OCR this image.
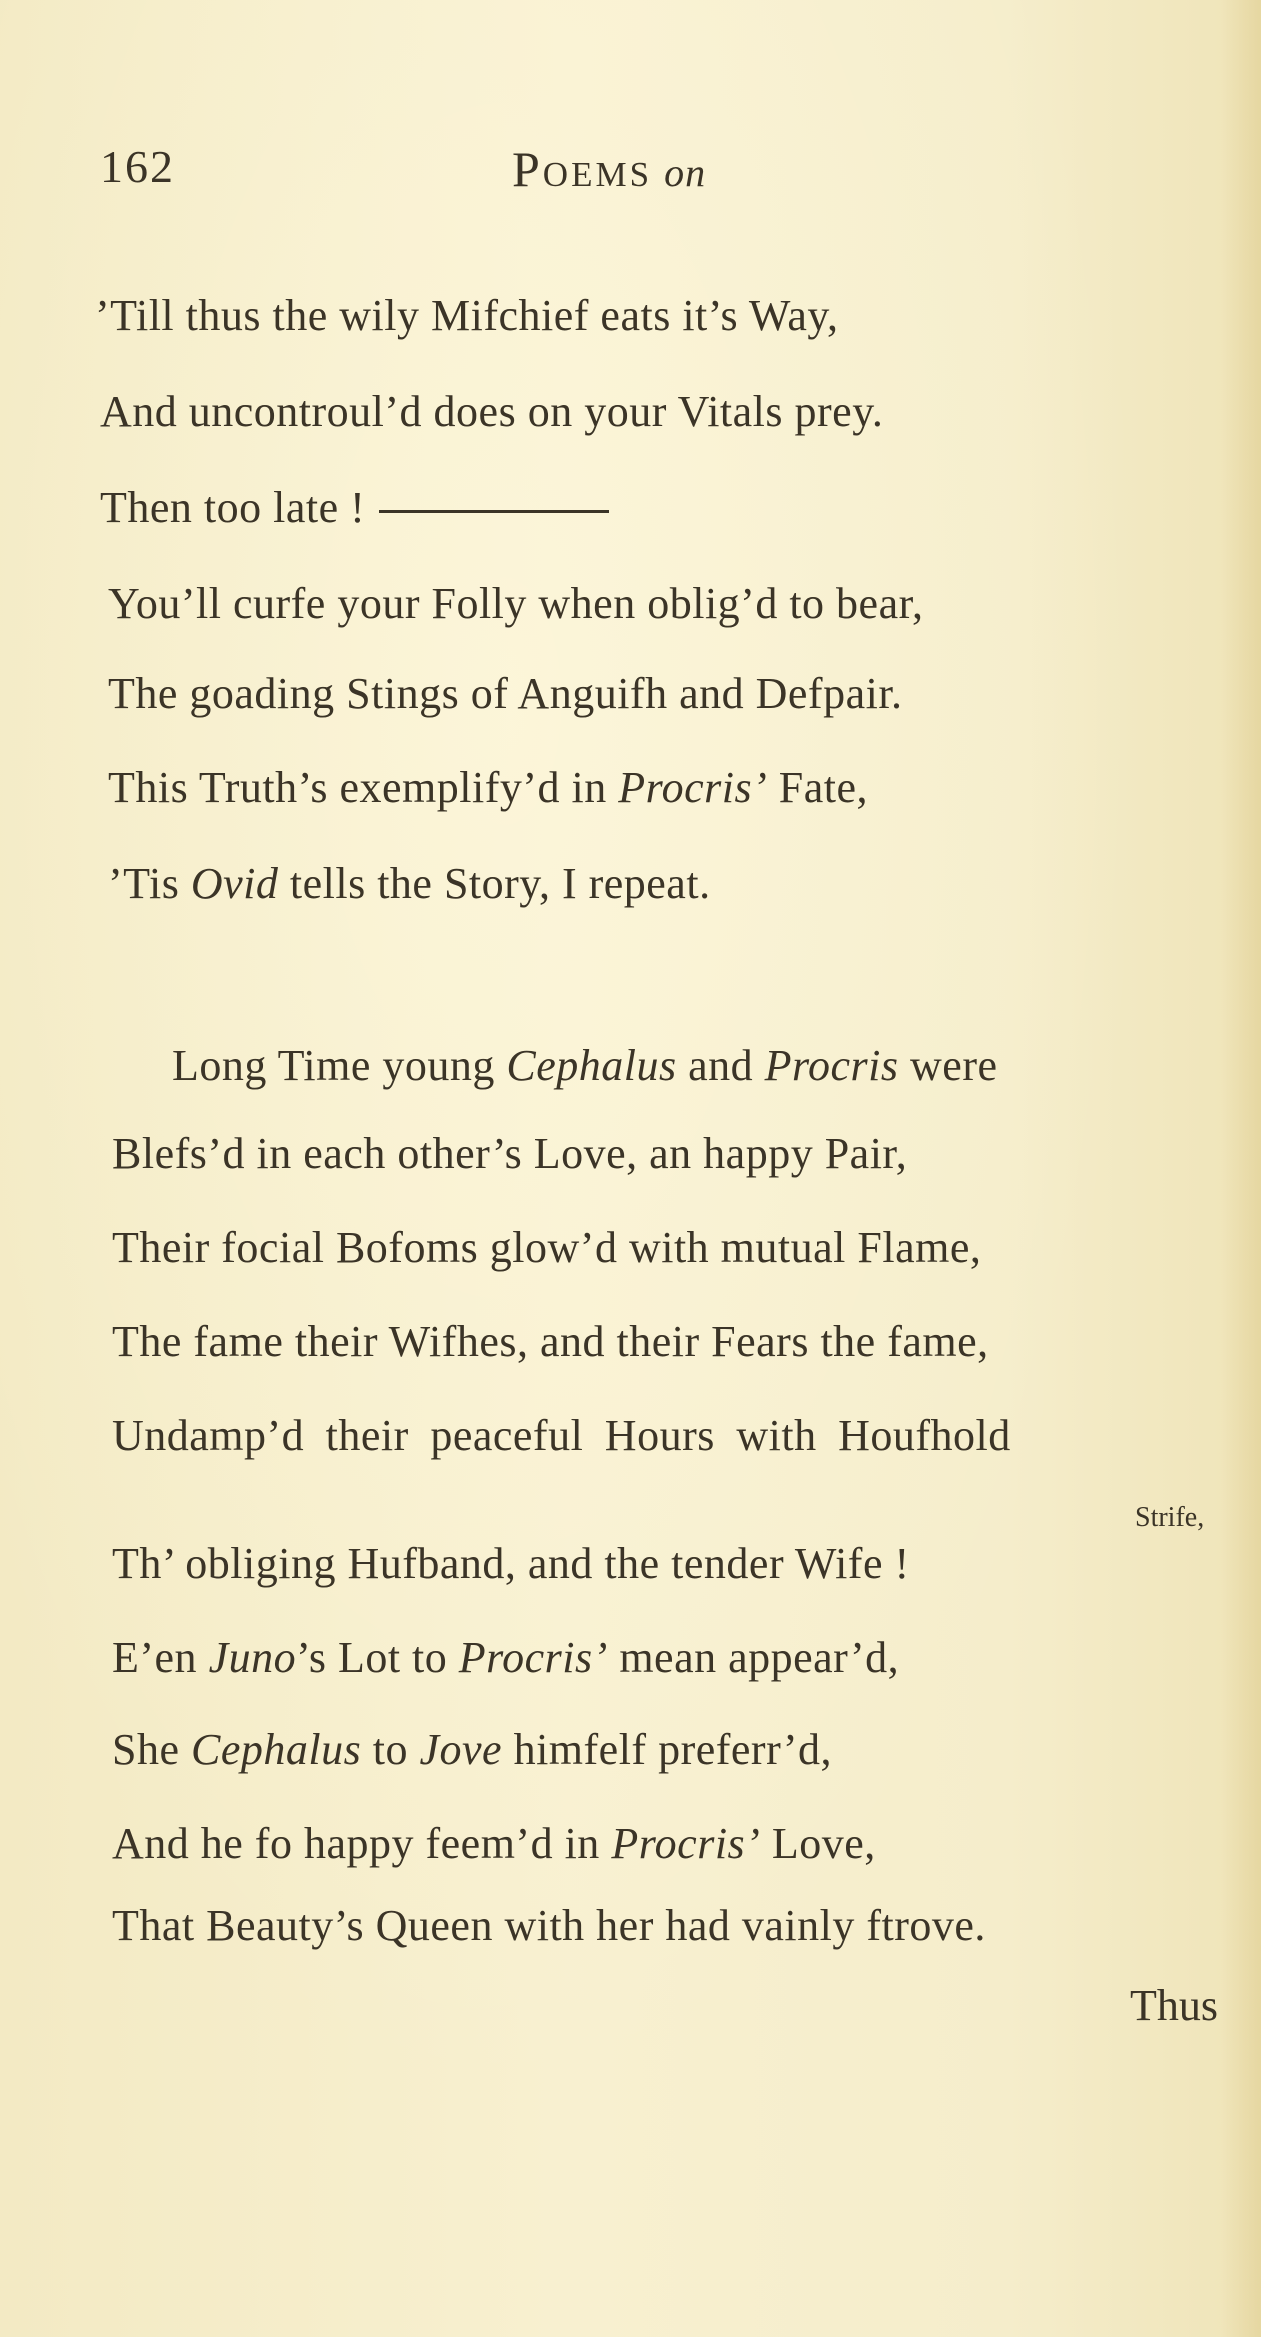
162	Poems on
’Till thus the wily Mifchief eats it’s Way,
And uncontroul’d does on your Vitals prey.
Then too late !
You’ll curfe your Folly when oblig’d to bear,
The goading Stings of Anguifh and Defpair.
This Truth’s exemplify’d in Procris’ Fate,
’Tis Ovid tells the Story, I repeat.
Long Time young Cephalus and Procris were
Blefs’d in each other’s Love, an happy Pair,
Their focial Bofoms glow’d with mutual Flame,
The fame their Wifhes, and their Fears the fame,
Undamp’d their peaceful Hours with Houfhold
Strife,
Th’ obliging Hufband, and the tender Wife !
E’en Juno’s Lot to Procris’ mean appear’d,
She Cephalus to Jove himfelf preferr’d,
And he fo happy feem’d in Procris’ Love,
That Beauty’s Queen with her had vainly ftrove.
Thus
